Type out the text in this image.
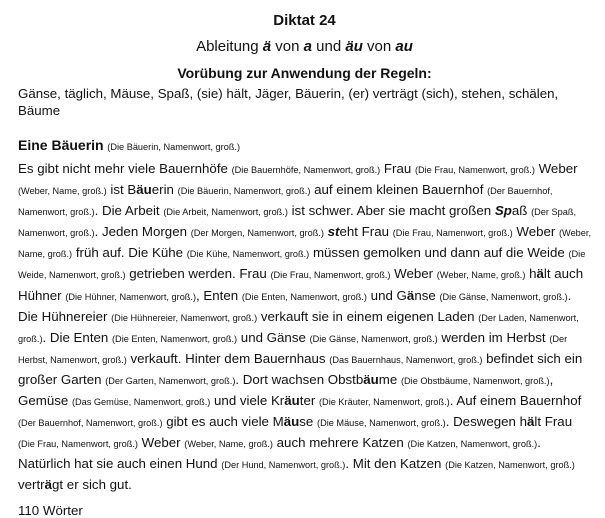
Diktat 24
Ableitung ä von a und äu von au
Vorübung zur Anwendung der Regeln:
Gänse, täglich, Mäuse, Spaß, (sie) hält, Jäger, Bäuerin, (er) verträgt (sich), stehen, schälen, Bäume
Eine Bäuerin (Die Bäuerin, Namenwort, groß.)
Es gibt nicht mehr viele Bauernhöfe (Die Bauernhöfe, Namenwort, groß.) Frau (Die Frau, Namenwort, groß.) Weber (Weber, Name, groß.) ist Bäuerin (Die Bäuerin, Namenwort, groß.) auf einem kleinen Bauernhof (Der Bauernhof, Namenwort, groß.). Die Arbeit (Die Arbeit, Namenwort, groß.) ist schwer. Aber sie macht großen Spaß (Der Spaß, Namenwort, groß.). Jeden Morgen (Der Morgen, Namenwort, groß.) steht Frau (Die Frau, Namenwort, groß.) Weber (Weber, Name, groß.) früh auf. Die Kühe (Die Kühe, Namenwort, groß.) müssen gemolken und dann auf die Weide (Die Weide, Namenwort, groß.) getrieben werden. Frau (Die Frau, Namenwort, groß.) Weber (Weber, Name, groß.) hält auch Hühner (Die Hühner, Namenwort, groß.), Enten (Die Enten, Namenwort, groß.) und Gänse (Die Gänse, Namenwort, groß.). Die Hühnereier (Die Hühnereier, Namenwort, groß.) verkauft sie in einem eigenen Laden (Der Laden, Namenwort, groß.). Die Enten (Die Enten, Namenwort, groß.) und Gänse (Die Gänse, Namenwort, groß.) werden im Herbst (Der Herbst, Namenwort, groß.) verkauft. Hinter dem Bauernhaus (Das Bauernhaus, Namenwort, groß.) befindet sich ein großer Garten (Der Garten, Namenwort, groß.). Dort wachsen Obstbäume (Die Obstbäume, Namenwort, groß.), Gemüse (Das Gemüse, Namenwort, groß.) und viele Kräuter (Die Kräuter, Namenwort, groß.). Auf einem Bauernhof (Der Bauernhof, Namenwort, groß.) gibt es auch viele Mäuse (Die Mäuse, Namenwort, groß.). Deswegen hält Frau (Die Frau, Namenwort, groß.) Weber (Weber, Name, groß.) auch mehrere Katzen (Die Katzen, Namenwort, groß.). Natürlich hat sie auch einen Hund (Der Hund, Namenwort, groß.). Mit den Katzen (Die Katzen, Namenwort, groß.) verträgt er sich gut.
110 Wörter
